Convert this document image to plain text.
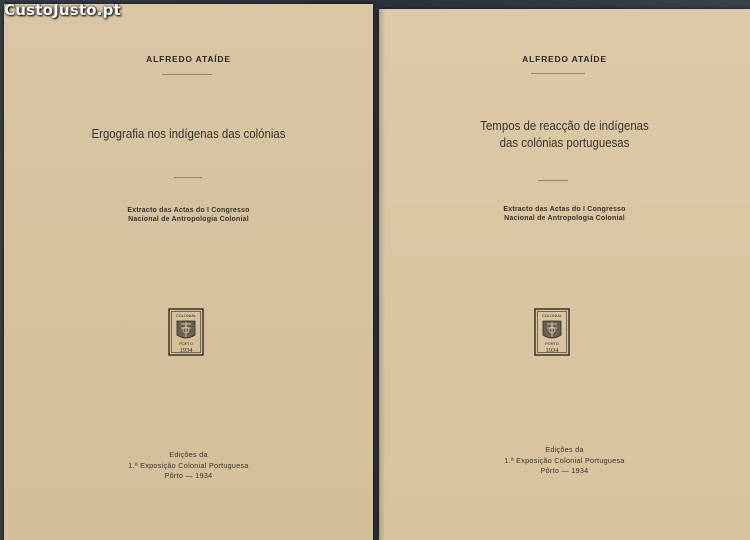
CustoJusto.pt
ALFREDO ATAÍDE
Ergografia nos indígenas das colónias
Extracto das Actas do I Congresso
Nacional de Antropologia Colonial
COLONIAL
PORTO
1934
Edições da
1.ª Exposição Colonial Portuguesa
Pôrto — 1934
ALFREDO ATAÍDE
Tempos de reacção de indígenas
das colónias portuguesas
Extracto das Actas do I Congresso
Nacional de Antropologia Colonial
COLONIAL
PORTO
1934
Edições da
1.ª Exposição Colonial Portuguesa
Pôrto — 1934
